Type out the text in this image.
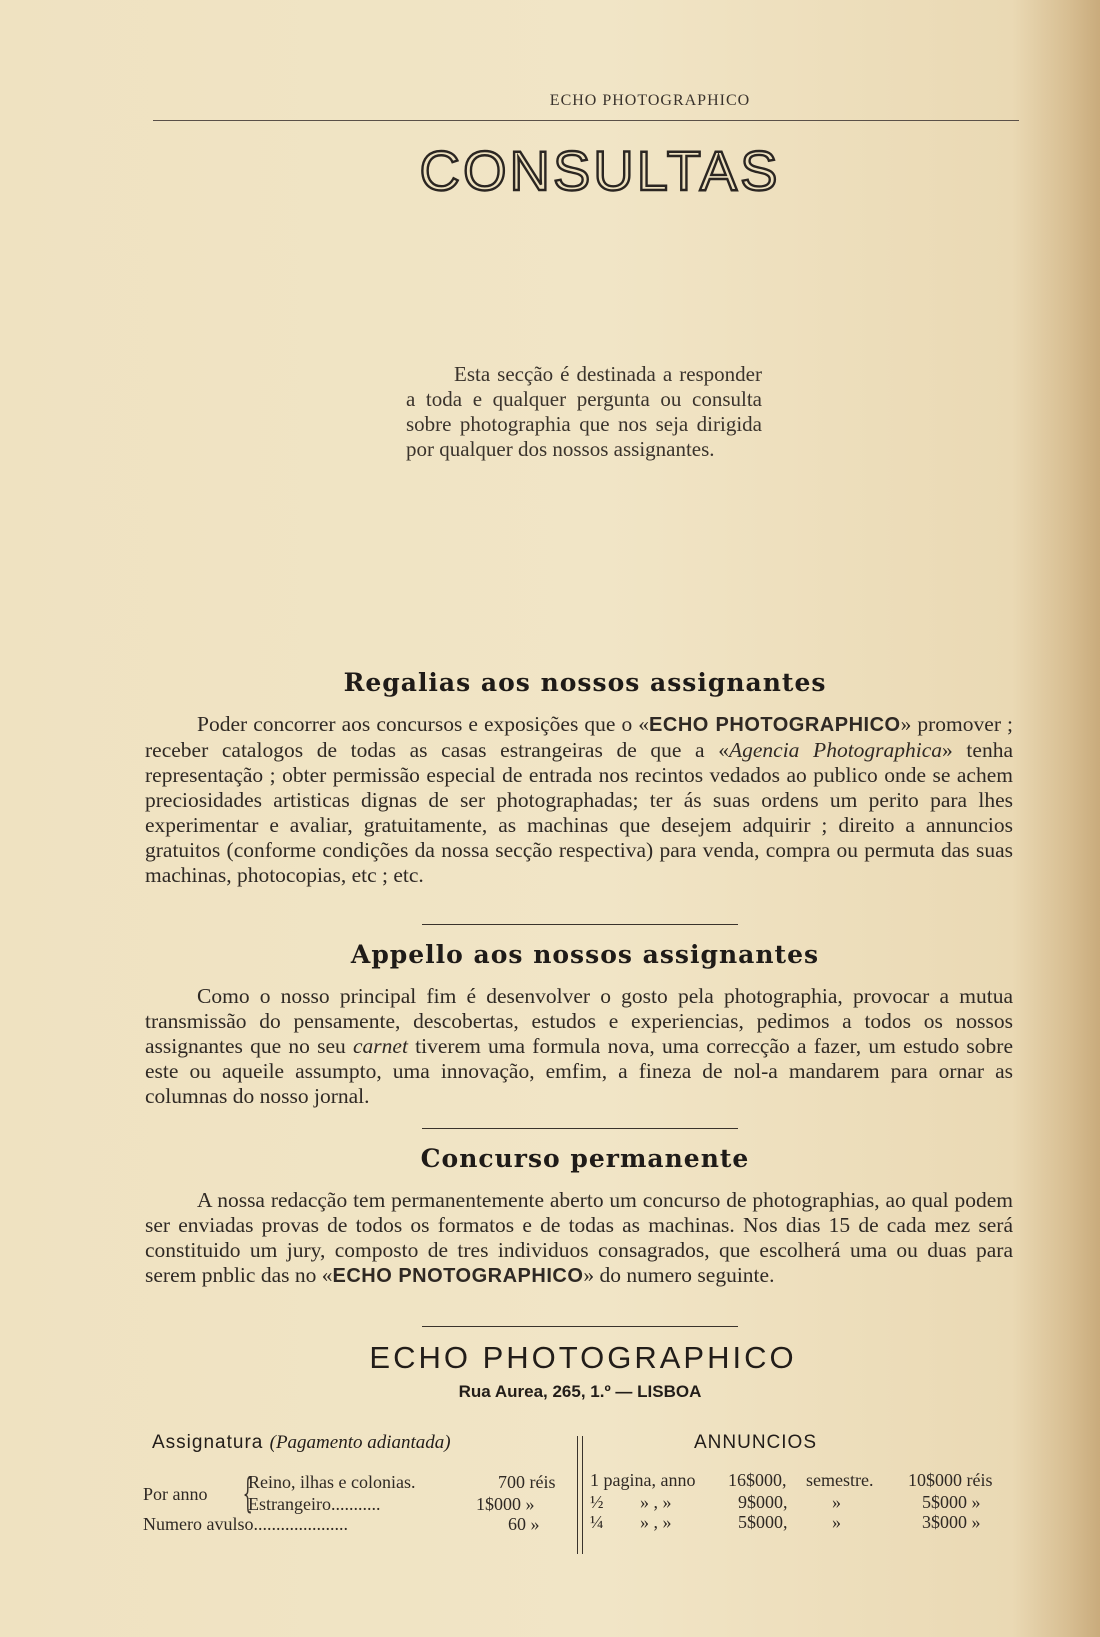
ECHO PHOTOGRAPHICO
CONSULTAS
Esta secção é destinada a responder a toda e qualquer pergunta ou consulta sobre photographia que nos seja dirigida por qualquer dos nossos assignantes.
Regalias aos nossos assignantes
Poder concorrer aos concursos e exposições que o «ECHO PHOTOGRAPHICO» promover ; receber catalogos de todas as casas estrangeiras de que a «Agencia Photographica» tenha representação ; obter permissão especial de entrada nos recintos vedados ao publico onde se achem preciosidades artisticas dignas de ser photographadas; ter ás suas ordens um perito para lhes experimentar e avaliar, gratuitamente, as machinas que desejem adquirir ; direito a annuncios gratuitos (conforme condições da nossa secção respectiva) para venda, compra ou permuta das suas machinas, photocopias, etc ; etc.
Appello aos nossos assignantes
Como o nosso principal fim é desenvolver o gosto pela photographia, provocar a mutua transmissão do pensamente, descobertas, estudos e experiencias, pedimos a todos os nossos assignantes que no seu carnet tiverem uma formula nova, uma correcção a fazer, um estudo sobre este ou aqueile assumpto, uma innovação, emfim, a fineza de nol-a mandarem para ornar as columnas do nosso jornal.
Concurso permanente
A nossa redacção tem permanentemente aberto um concurso de photographias, ao qual podem ser enviadas provas de todos os formatos e de todas as machinas. Nos dias 15 de cada mez será constituido um jury, composto de tres individuos consagrados, que escolherá uma ou duas para serem pnblic das no «ECHO PNOTOGRAPHICO» do numero seguinte.
ECHO PHOTOGRAPHICO
Rua Aurea, 265, 1.º — LISBOA
Assignatura (Pagamento adiantada)	ANNUNCIOS
Por anno {
Reino, ilhas e colonias.	700 réis
Estrangeiro...........	1$000 »
Numero avulso.....................	60 »
1 pagina, anno 16$000, semestre. 10$000 réis
½ » , »	9$000, »	5$000 »
¼ » , »	5$000, »	3$000 »
